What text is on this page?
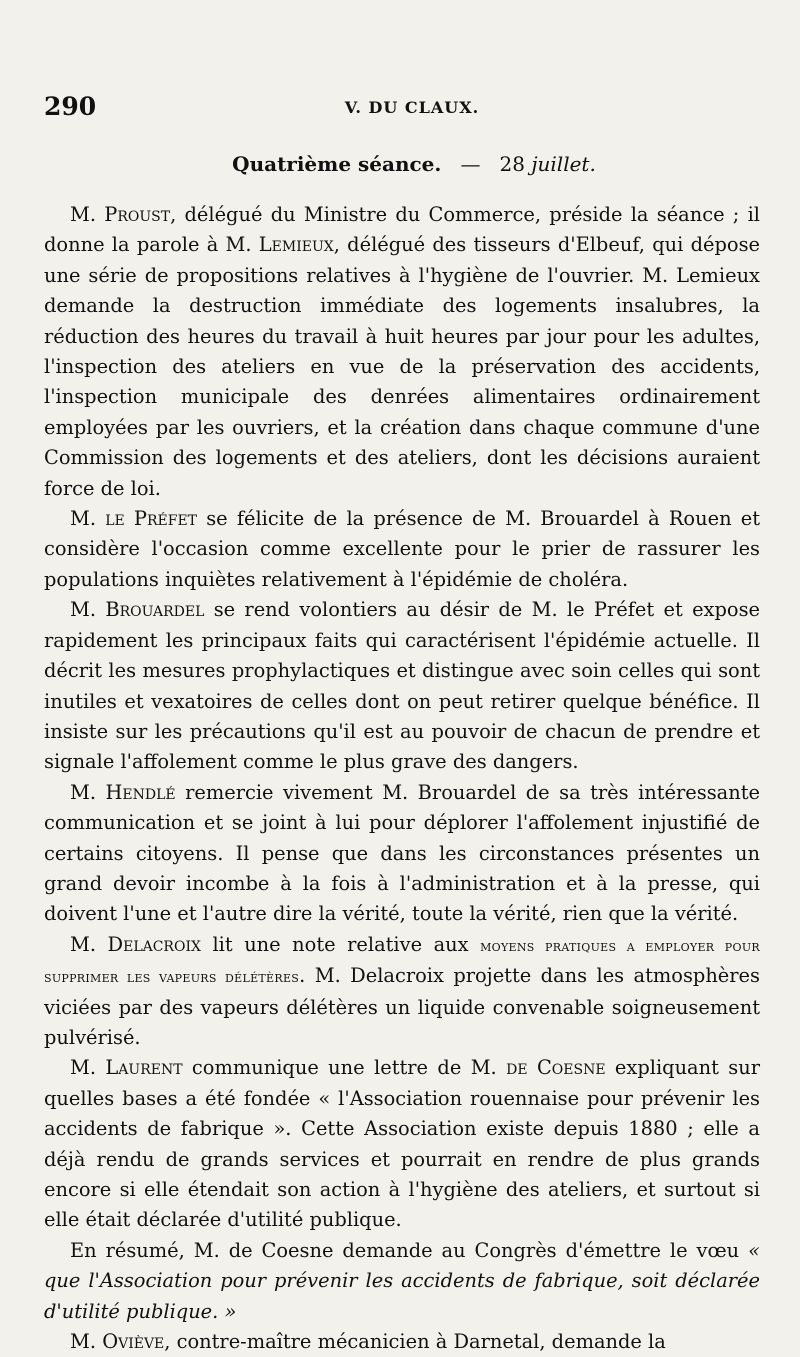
290	V. DU CLAUX.
Quatrième séance. — 28 juillet.

M. Proust, délégué du Ministre du Commerce, préside la séance ; il donne la parole à M. Lemieux, délégué des tisseurs d'Elbeuf, qui dépose une série de propositions relatives à l'hygiène de l'ouvrier. M. Lemieux demande la destruction immédiate des logements insalubres, la réduction des heures du travail à huit heures par jour pour les adultes, l'inspection des ateliers en vue de la préservation des accidents, l'inspection municipale des denrées alimentaires ordinairement employées par les ouvriers, et la création dans chaque commune d'une Commission des logements et des ateliers, dont les décisions auraient force de loi.

M. le Préfet se félicite de la présence de M. Brouardel à Rouen et considère l'occasion comme excellente pour le prier de rassurer les populations inquiètes relativement à l'épidémie de choléra.

M. Brouardel se rend volontiers au désir de M. le Préfet et expose rapidement les principaux faits qui caractérisent l'épidémie actuelle. Il décrit les mesures prophylactiques et distingue avec soin celles qui sont inutiles et vexatoires de celles dont on peut retirer quelque bénéfice. Il insiste sur les précautions qu'il est au pouvoir de chacun de prendre et signale l'affolement comme le plus grave des dangers.

M. Hendlé remercie vivement M. Brouardel de sa très intéressante communication et se joint à lui pour déplorer l'affolement injustifié de certains citoyens. Il pense que dans les circonstances présentes un grand devoir incombe à la fois à l'administration et à la presse, qui doivent l'une et l'autre dire la vérité, toute la vérité, rien que la vérité.

M. Delacroix lit une note relative aux moyens pratiques a employer pour supprimer les vapeurs délétères. M. Delacroix projette dans les atmosphères viciées par des vapeurs délétères un liquide convenable soigneusement pulvérisé.

M. Laurent communique une lettre de M. de Coesne expliquant sur quelles bases a été fondée « l'Association rouennaise pour prévenir les accidents de fabrique ». Cette Association existe depuis 1880 ; elle a déjà rendu de grands services et pourrait en rendre de plus grands encore si elle étendait son action à l'hygiène des ateliers, et surtout si elle était déclarée d'utilité publique.

En résumé, M. de Coesne demande au Congrès d'émettre le vœu « que l'Association pour prévenir les accidents de fabrique, soit déclarée d'utilité publique. »

M. Oviève, contre-maître mécanicien à Darnetal, demande la
